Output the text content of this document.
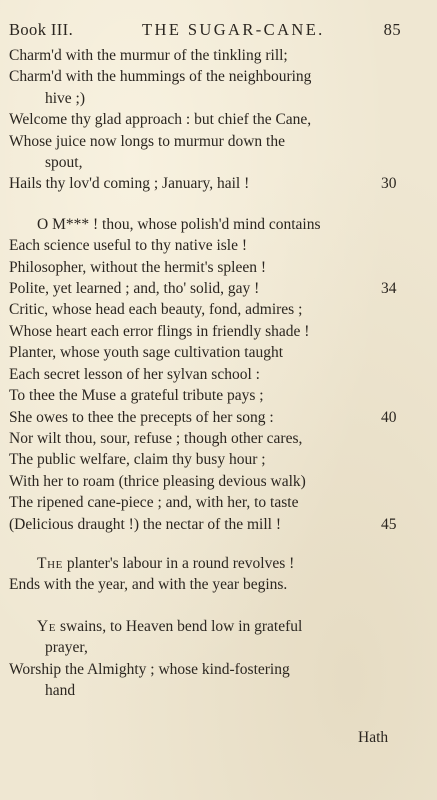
Book III.	THE SUGAR-CANE.	85
Charm'd with the murmur of the tinkling rill;
Charm'd with the hummings of the neighbouring
hive ;)
Welcome thy glad approach : but chief the Cane,
Whose juice now longs to murmur down the
spout,
Hails thy lov'd coming ; January, hail !	30
O M*** ! thou, whose polish'd mind contains
Each science useful to thy native isle !
Philosopher, without the hermit's spleen !
Polite, yet learned ; and, tho' solid, gay !	34
Critic, whose head each beauty, fond, admires ;
Whose heart each error flings in friendly shade !
Planter, whose youth sage cultivation taught
Each secret lesson of her sylvan school :
To thee the Muse a grateful tribute pays ;
She owes to thee the precepts of her song :	40
Nor wilt thou, sour, refuse ; though other cares,
The public welfare, claim thy busy hour ;
With her to roam (thrice pleasing devious walk)
The ripened cane-piece ; and, with her, to taste
(Delicious draught !) the nectar of the mill !	45
The planter's labour in a round revolves !
Ends with the year, and with the year begins.
Ye swains, to Heaven bend low in grateful
prayer,
Worship the Almighty ; whose kind-fostering
hand
Hath
